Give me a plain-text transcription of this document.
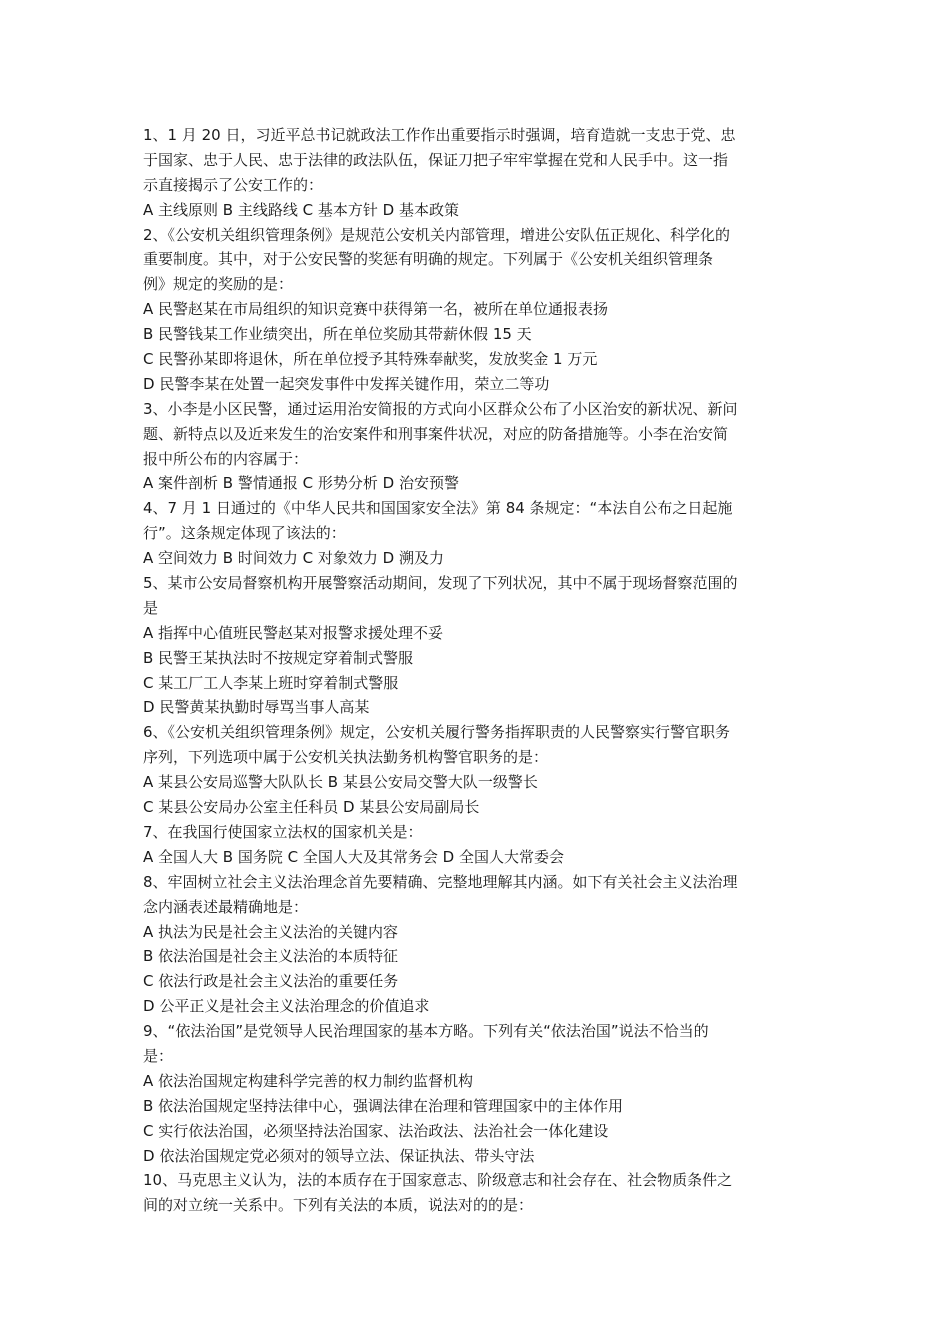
1、1 月 20 日，习近平总书记就政法工作作出重要指示时强调，培育造就一支忠于党、忠
于国家、忠于人民、忠于法律的政法队伍，保证刀把子牢牢掌握在党和人民手中。这一指
示直接揭示了公安工作的：
A 主线原则 B 主线路线 C 基本方针 D 基本政策
2、《公安机关组织管理条例》是规范公安机关内部管理，增进公安队伍正规化、科学化的
重要制度。其中，对于公安民警的奖惩有明确的规定。下列属于《公安机关组织管理条
例》规定的奖励的是：
A 民警赵某在市局组织的知识竞赛中获得第一名，被所在单位通报表扬
B 民警钱某工作业绩突出，所在单位奖励其带薪休假 15 天
C 民警孙某即将退休，所在单位授予其特殊奉献奖，发放奖金 1 万元
D 民警李某在处置一起突发事件中发挥关键作用，荣立二等功
3、小李是小区民警，通过运用治安简报的方式向小区群众公布了小区治安的新状况、新问
题、新特点以及近来发生的治安案件和刑事案件状况，对应的防备措施等。小李在治安简
报中所公布的内容属于：
A 案件剖析 B 警情通报 C 形势分析 D 治安预警
4、7 月 1 日通过的《中华人民共和国国家安全法》第 84 条规定：“本法自公布之日起施
行”。这条规定体现了该法的：
A 空间效力 B 时间效力 C 对象效力 D 溯及力
5、某市公安局督察机构开展警察活动期间，发现了下列状况，其中不属于现场督察范围的
是
A 指挥中心值班民警赵某对报警求援处理不妥
B 民警王某执法时不按规定穿着制式警服
C 某工厂工人李某上班时穿着制式警服
D 民警黄某执勤时辱骂当事人高某
6、《公安机关组织管理条例》规定，公安机关履行警务指挥职责的人民警察实行警官职务
序列，下列选项中属于公安机关执法勤务机构警官职务的是：
A 某县公安局巡警大队队长 B 某县公安局交警大队一级警长
C 某县公安局办公室主任科员 D 某县公安局副局长
7、在我国行使国家立法权的国家机关是：
A 全国人大 B 国务院 C 全国人大及其常务会 D 全国人大常委会
8、牢固树立社会主义法治理念首先要精确、完整地理解其内涵。如下有关社会主义法治理
念内涵表述最精确地是：
A 执法为民是社会主义法治的关键内容
B 依法治国是社会主义法治的本质特征
C 依法行政是社会主义法治的重要任务
D 公平正义是社会主义法治理念的价值追求
9、“依法治国”是党领导人民治理国家的基本方略。下列有关“依法治国”说法不恰当的
是：
A 依法治国规定构建科学完善的权力制约监督机构
B 依法治国规定坚持法律中心，强调法律在治理和管理国家中的主体作用
C 实行依法治国，必须坚持法治国家、法治政法、法治社会一体化建设
D 依法治国规定党必须对的领导立法、保证执法、带头守法
10、马克思主义认为，法的本质存在于国家意志、阶级意志和社会存在、社会物质条件之
间的对立统一关系中。下列有关法的本质，说法对的的是：
